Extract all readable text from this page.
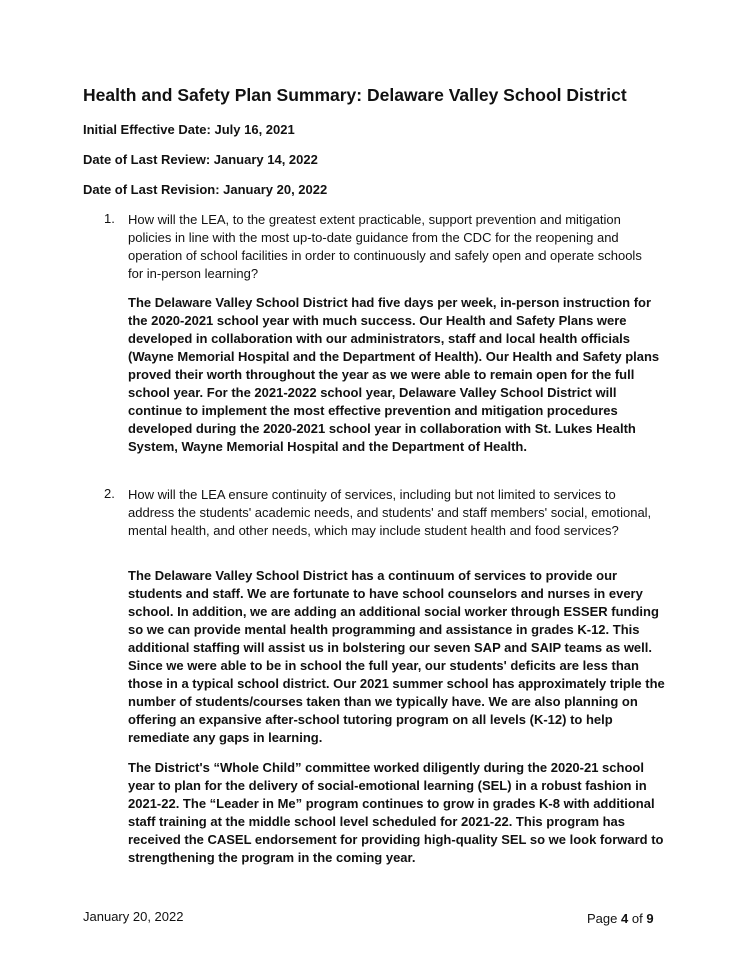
Health and Safety Plan Summary: Delaware Valley School District

Initial Effective Date: July 16, 2021

Date of Last Review: January 14, 2022

Date of Last Revision: January 20, 2022

1. How will the LEA, to the greatest extent practicable, support prevention and mitigation policies in line with the most up-to-date guidance from the CDC for the reopening and operation of school facilities in order to continuously and safely open and operate schools for in-person learning?

The Delaware Valley School District had five days per week, in-person instruction for the 2020-2021 school year with much success. Our Health and Safety Plans were developed in collaboration with our administrators, staff and local health officials (Wayne Memorial Hospital and the Department of Health). Our Health and Safety plans proved their worth throughout the year as we were able to remain open for the full school year. For the 2021-2022 school year, Delaware Valley School District will continue to implement the most effective prevention and mitigation procedures developed during the 2020-2021 school year in collaboration with St. Lukes Health System, Wayne Memorial Hospital and the Department of Health.

2. How will the LEA ensure continuity of services, including but not limited to services to address the students' academic needs, and students' and staff members' social, emotional, mental health, and other needs, which may include student health and food services?

The Delaware Valley School District has a continuum of services to provide our students and staff. We are fortunate to have school counselors and nurses in every school. In addition, we are adding an additional social worker through ESSER funding so we can provide mental health programming and assistance in grades K-12. This additional staffing will assist us in bolstering our seven SAP and SAIP teams as well. Since we were able to be in school the full year, our students' deficits are less than those in a typical school district. Our 2021 summer school has approximately triple the number of students/courses taken than we typically have. We are also planning on offering an expansive after-school tutoring program on all levels (K-12) to help remediate any gaps in learning.

The District's “Whole Child” committee worked diligently during the 2020-21 school year to plan for the delivery of social-emotional learning (SEL) in a robust fashion in 2021-22. The “Leader in Me” program continues to grow in grades K-8 with additional staff training at the middle school level scheduled for 2021-22. This program has received the CASEL endorsement for providing high-quality SEL so we look forward to strengthening the program in the coming year.

January 20, 2022	Page 4 of 9
